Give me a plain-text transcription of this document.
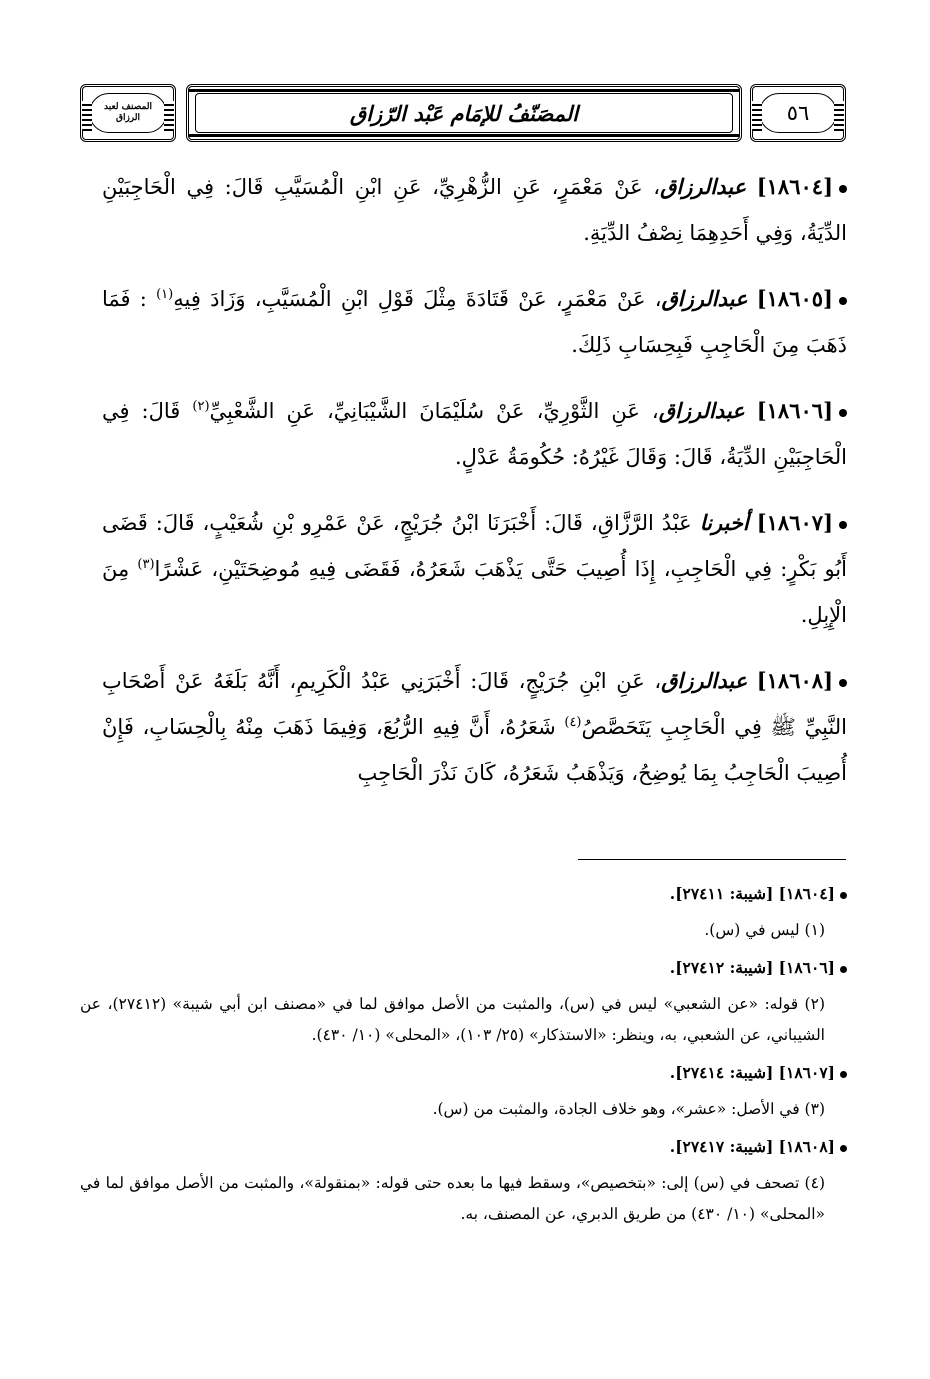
المصنف لعبد الرزاق	المصَنّفُ للإمَام عَبْد الرّزاق	٥٦

[١٨٦٠٤] عبدالرزاق، عَنْ مَعْمَرٍ، عَنِ الزُّهْرِيِّ، عَنِ ابْنِ الْمُسَيَّبِ قَالَ: فِي الْحَاجِبَيْنِ الدِّيَةُ، وَفِي أَحَدِهِمَا نِصْفُ الدِّيَةِ.

[١٨٦٠٥] عبدالرزاق، عَنْ مَعْمَرٍ، عَنْ قَتَادَةَ مِثْلَ قَوْلِ ابْنِ الْمُسَيَّبِ، وَزَادَ فِيهِ$^{(١)}$ : فَمَا ذَهَبَ مِنَ الْحَاجِبِ فَبِحِسَابِ ذَلِكَ.

[١٨٦٠٦] عبدالرزاق، عَنِ الثَّوْرِيِّ، عَنْ سُلَيْمَانَ الشَّيْبَانِيِّ، عَنِ الشَّعْبِيِّ$^{(٢)}$ قَالَ: فِي الْحَاجِبَيْنِ الدِّيَةُ، قَالَ: وَقَالَ غَيْرُهُ: حُكُومَةُ عَدْلٍ.

[١٨٦٠٧] أخبرنا عَبْدُ الرَّزَّاقِ، قَالَ: أَخْبَرَنَا ابْنُ جُرَيْجٍ، عَنْ عَمْرِو بْنِ شُعَيْبٍ، قَالَ: قَضَى أَبُو بَكْرٍ: فِي الْحَاجِبِ، إِذَا أُصِيبَ حَتَّى يَذْهَبَ شَعَرُهُ، فَقَضَى فِيهِ مُوضِحَتَيْنِ، عَشْرًا$^{(٣)}$ مِنَ الْإِبِلِ.

[١٨٦٠٨] عبدالرزاق، عَنِ ابْنِ جُرَيْجٍ، قَالَ: أَخْبَرَنِي عَبْدُ الْكَرِيمِ، أَنَّهُ بَلَغَهُ عَنْ أَصْحَابِ النَّبِيِّ ﷺ فِي الْحَاجِبِ يَتَحَصَّصُ$^{(٤)}$ شَعَرُهُ، أَنَّ فِيهِ الرُّبُعَ، وَفِيمَا ذَهَبَ مِنْهُ بِالْحِسَابِ، فَإِنْ أُصِيبَ الْحَاجِبُ بِمَا يُوضِحُ، وَيَذْهَبُ شَعَرُهُ، كَانَ نَذْرَ الْحَاجِبِ

[١٨٦٠٤] [شيبة: ٢٧٤١١].

(١) ليس في (س).

[١٨٦٠٦] [شيبة: ٢٧٤١٢].

(٢) قوله: «عن الشعبي» ليس في (س)، والمثبت من الأصل موافق لما في «مصنف ابن أبي شيبة» (٢٧٤١٢)، عن الشيباني، عن الشعبي، به، وينظر: «الاستذكار» (٢٥/ ١٠٣)، «المحلى» (١٠/ ٤٣٠).

[١٨٦٠٧] [شيبة: ٢٧٤١٤].

(٣) في الأصل: «عشر»، وهو خلاف الجادة، والمثبت من (س).

[١٨٦٠٨] [شيبة: ٢٧٤١٧].

(٤) تصحف في (س) إلى: «بتخصيص»، وسقط فيها ما بعده حتى قوله: «بمنقولة»، والمثبت من الأصل موافق لما في «المحلى» (١٠/ ٤٣٠) من طريق الدبري، عن المصنف، به.
